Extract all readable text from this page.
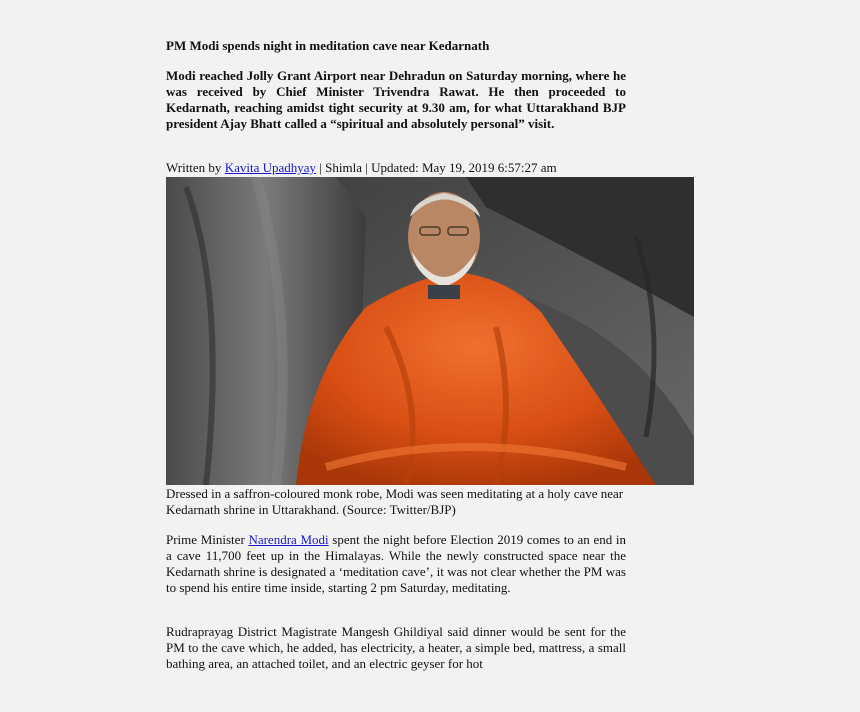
PM Modi spends night in meditation cave near Kedarnath
Modi reached Jolly Grant Airport near Dehradun on Saturday morning, where he was received by Chief Minister Trivendra Rawat. He then proceeded to Kedarnath, reaching amidst tight security at 9.30 am, for what Uttarakhand BJP president Ajay Bhatt called a “spiritual and absolutely personal” visit.
Written by Kavita Upadhyay | Shimla | Updated: May 19, 2019 6:57:27 am
Dressed in a saffron-coloured monk robe, Modi was seen meditating at a holy cave near Kedarnath shrine in Uttarakhand. (Source: Twitter/BJP)
Prime Minister Narendra Modi spent the night before Election 2019 comes to an end in a cave 11,700 feet up in the Himalayas. While the newly constructed space near the Kedarnath shrine is designated a ‘meditation cave’, it was not clear whether the PM was to spend his entire time inside, starting 2 pm Saturday, meditating.
Rudraprayag District Magistrate Mangesh Ghildiyal said dinner would be sent for the PM to the cave which, he added, has electricity, a heater, a simple bed, mattress, a small bathing area, an attached toilet, and an electric geyser for hot
